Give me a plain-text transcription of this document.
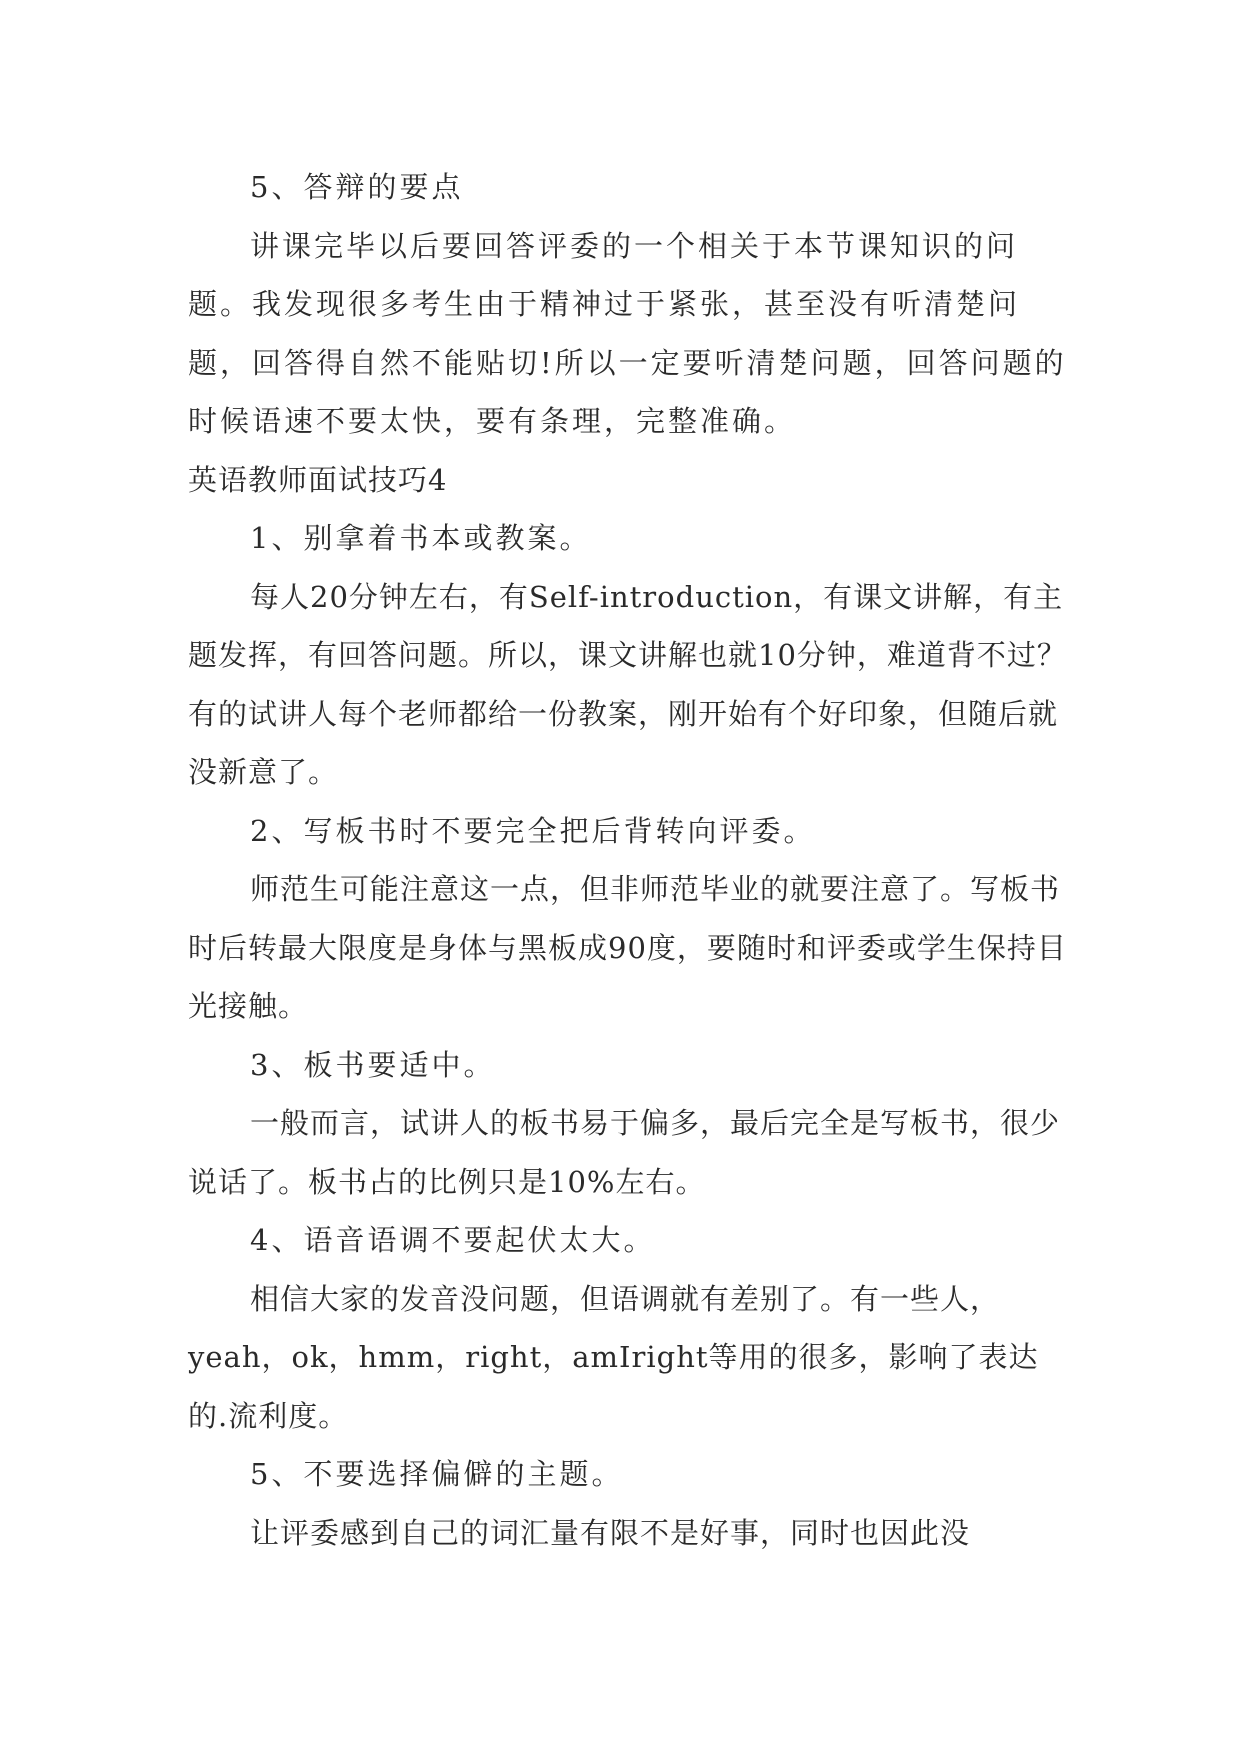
5、答辩的要点

讲课完毕以后要回答评委的一个相关于本节课知识的问题。我发现很多考生由于精神过于紧张，甚至没有听清楚问题，回答得自然不能贴切!所以一定要听清楚问题，回答问题的时候语速不要太快，要有条理，完整准确。

英语教师面试技巧4

1、别拿着书本或教案。

每人20分钟左右，有Self-introduction，有课文讲解，有主题发挥，有回答问题。所以，课文讲解也就10分钟，难道背不过？有的试讲人每个老师都给一份教案，刚开始有个好印象，但随后就没新意了。

2、写板书时不要完全把后背转向评委。

师范生可能注意这一点，但非师范毕业的就要注意了。写板书时后转最大限度是身体与黑板成90度，要随时和评委或学生保持目光接触。

3、板书要适中。

一般而言，试讲人的板书易于偏多，最后完全是写板书，很少说话了。板书占的比例只是10%左右。

4、语音语调不要起伏太大。

相信大家的发音没问题，但语调就有差别了。有一些人，yeah，ok，hmm，right，amIright等用的很多，影响了表达的.流利度。

5、不要选择偏僻的主题。

让评委感到自己的词汇量有限不是好事，同时也因此没
